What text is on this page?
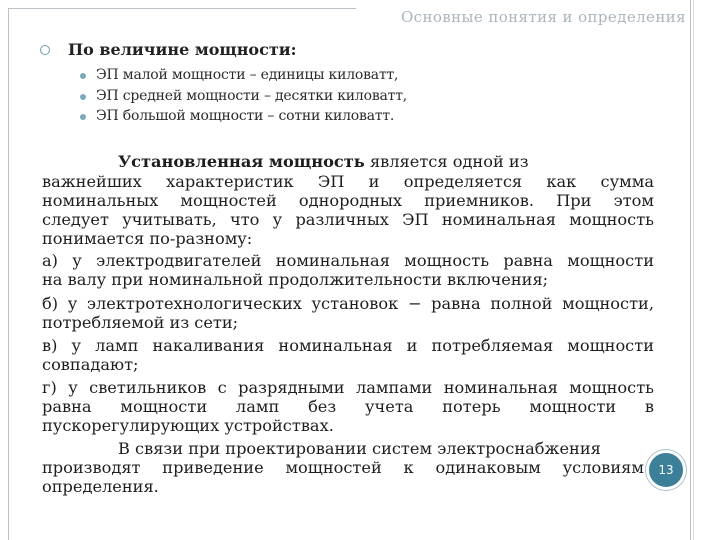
Основные понятия и определения
По величине мощности:
ЭП малой мощности – единицы киловатт,
ЭП средней мощности – десятки киловатт,
ЭП большой мощности – сотни киловатт.
Установленная мощность является одной из
важнейших характеристик ЭП и определяется как сумма
номинальных мощностей однородных приемников. При этом
следует учитывать, что у различных ЭП номинальная мощность
понимается по-разному:
а) у электродвигателей номинальная мощность равна мощности
на валу при номинальной продолжительности включения;
б) у электротехнологических установок − равна полной мощности,
потребляемой из сети;
в) у ламп накаливания номинальная и потребляемая мощности
совпадают;
г) у светильников с разрядными лампами номинальная мощность
равна мощности ламп без учета потерь мощности в
пускорегулирующих устройствах.
В связи при проектировании систем электроснабжения
производят приведение мощностей к одинаковым условиям
определения.
13
